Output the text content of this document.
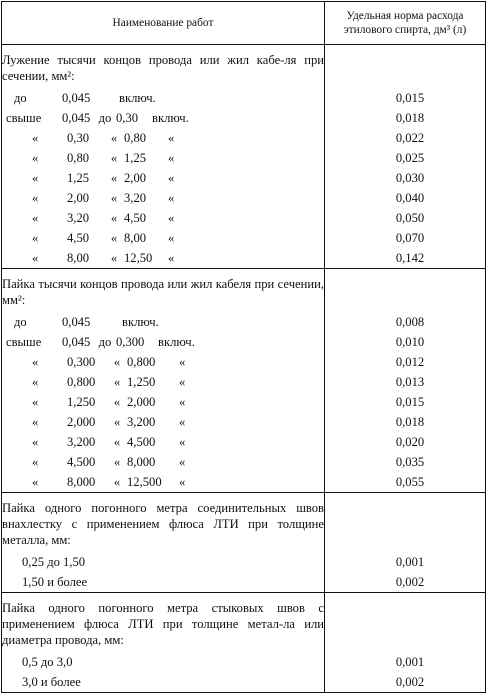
Наименование работ	Удельная норма расхода
этилового спирта, дм³ (л)

Лужение тысячи концов провода или жил кабе-ля при сечении, мм²:	
до 0,045 включ.	0,015
свыше 0,045 до 0,30 включ.	0,018
« 0,30 « 0,80 «	0,022
« 0,80 « 1,25 «	0,025
« 1,25 « 2,00 «	0,030
« 2,00 « 3,20 «	0,040
« 3,20 « 4,50 «	0,050
« 4,50 « 8,00 «	0,070
« 8,00 « 12,50 «	0,142
Пайка тысячи концов провода или жил кабеля при сечении, мм²:	
до 0,045 включ.	0,008
свыше 0,045 до 0,300 включ.	0,010
« 0,300 « 0,800 «	0,012
« 0,800 « 1,250 «	0,013
« 1,250 « 2,000 «	0,015
« 2,000 « 3,200 «	0,018
« 3,200 « 4,500 «	0,020
« 4,500 « 8,000 «	0,035
« 8,000 « 12,500 «	0,055
Пайка одного погонного метра соединительных швов внахлестку с применением флюса ЛТИ при толщине металла, мм:	
0,25 до 1,50	0,001
1,50 и более	0,002
Пайка одного погонного метра стыковых швов с применением флюса ЛТИ при толщине метал-ла или диаметра провода, мм:	
0,5 до 3,0	0,001
3,0 и более	0,002
